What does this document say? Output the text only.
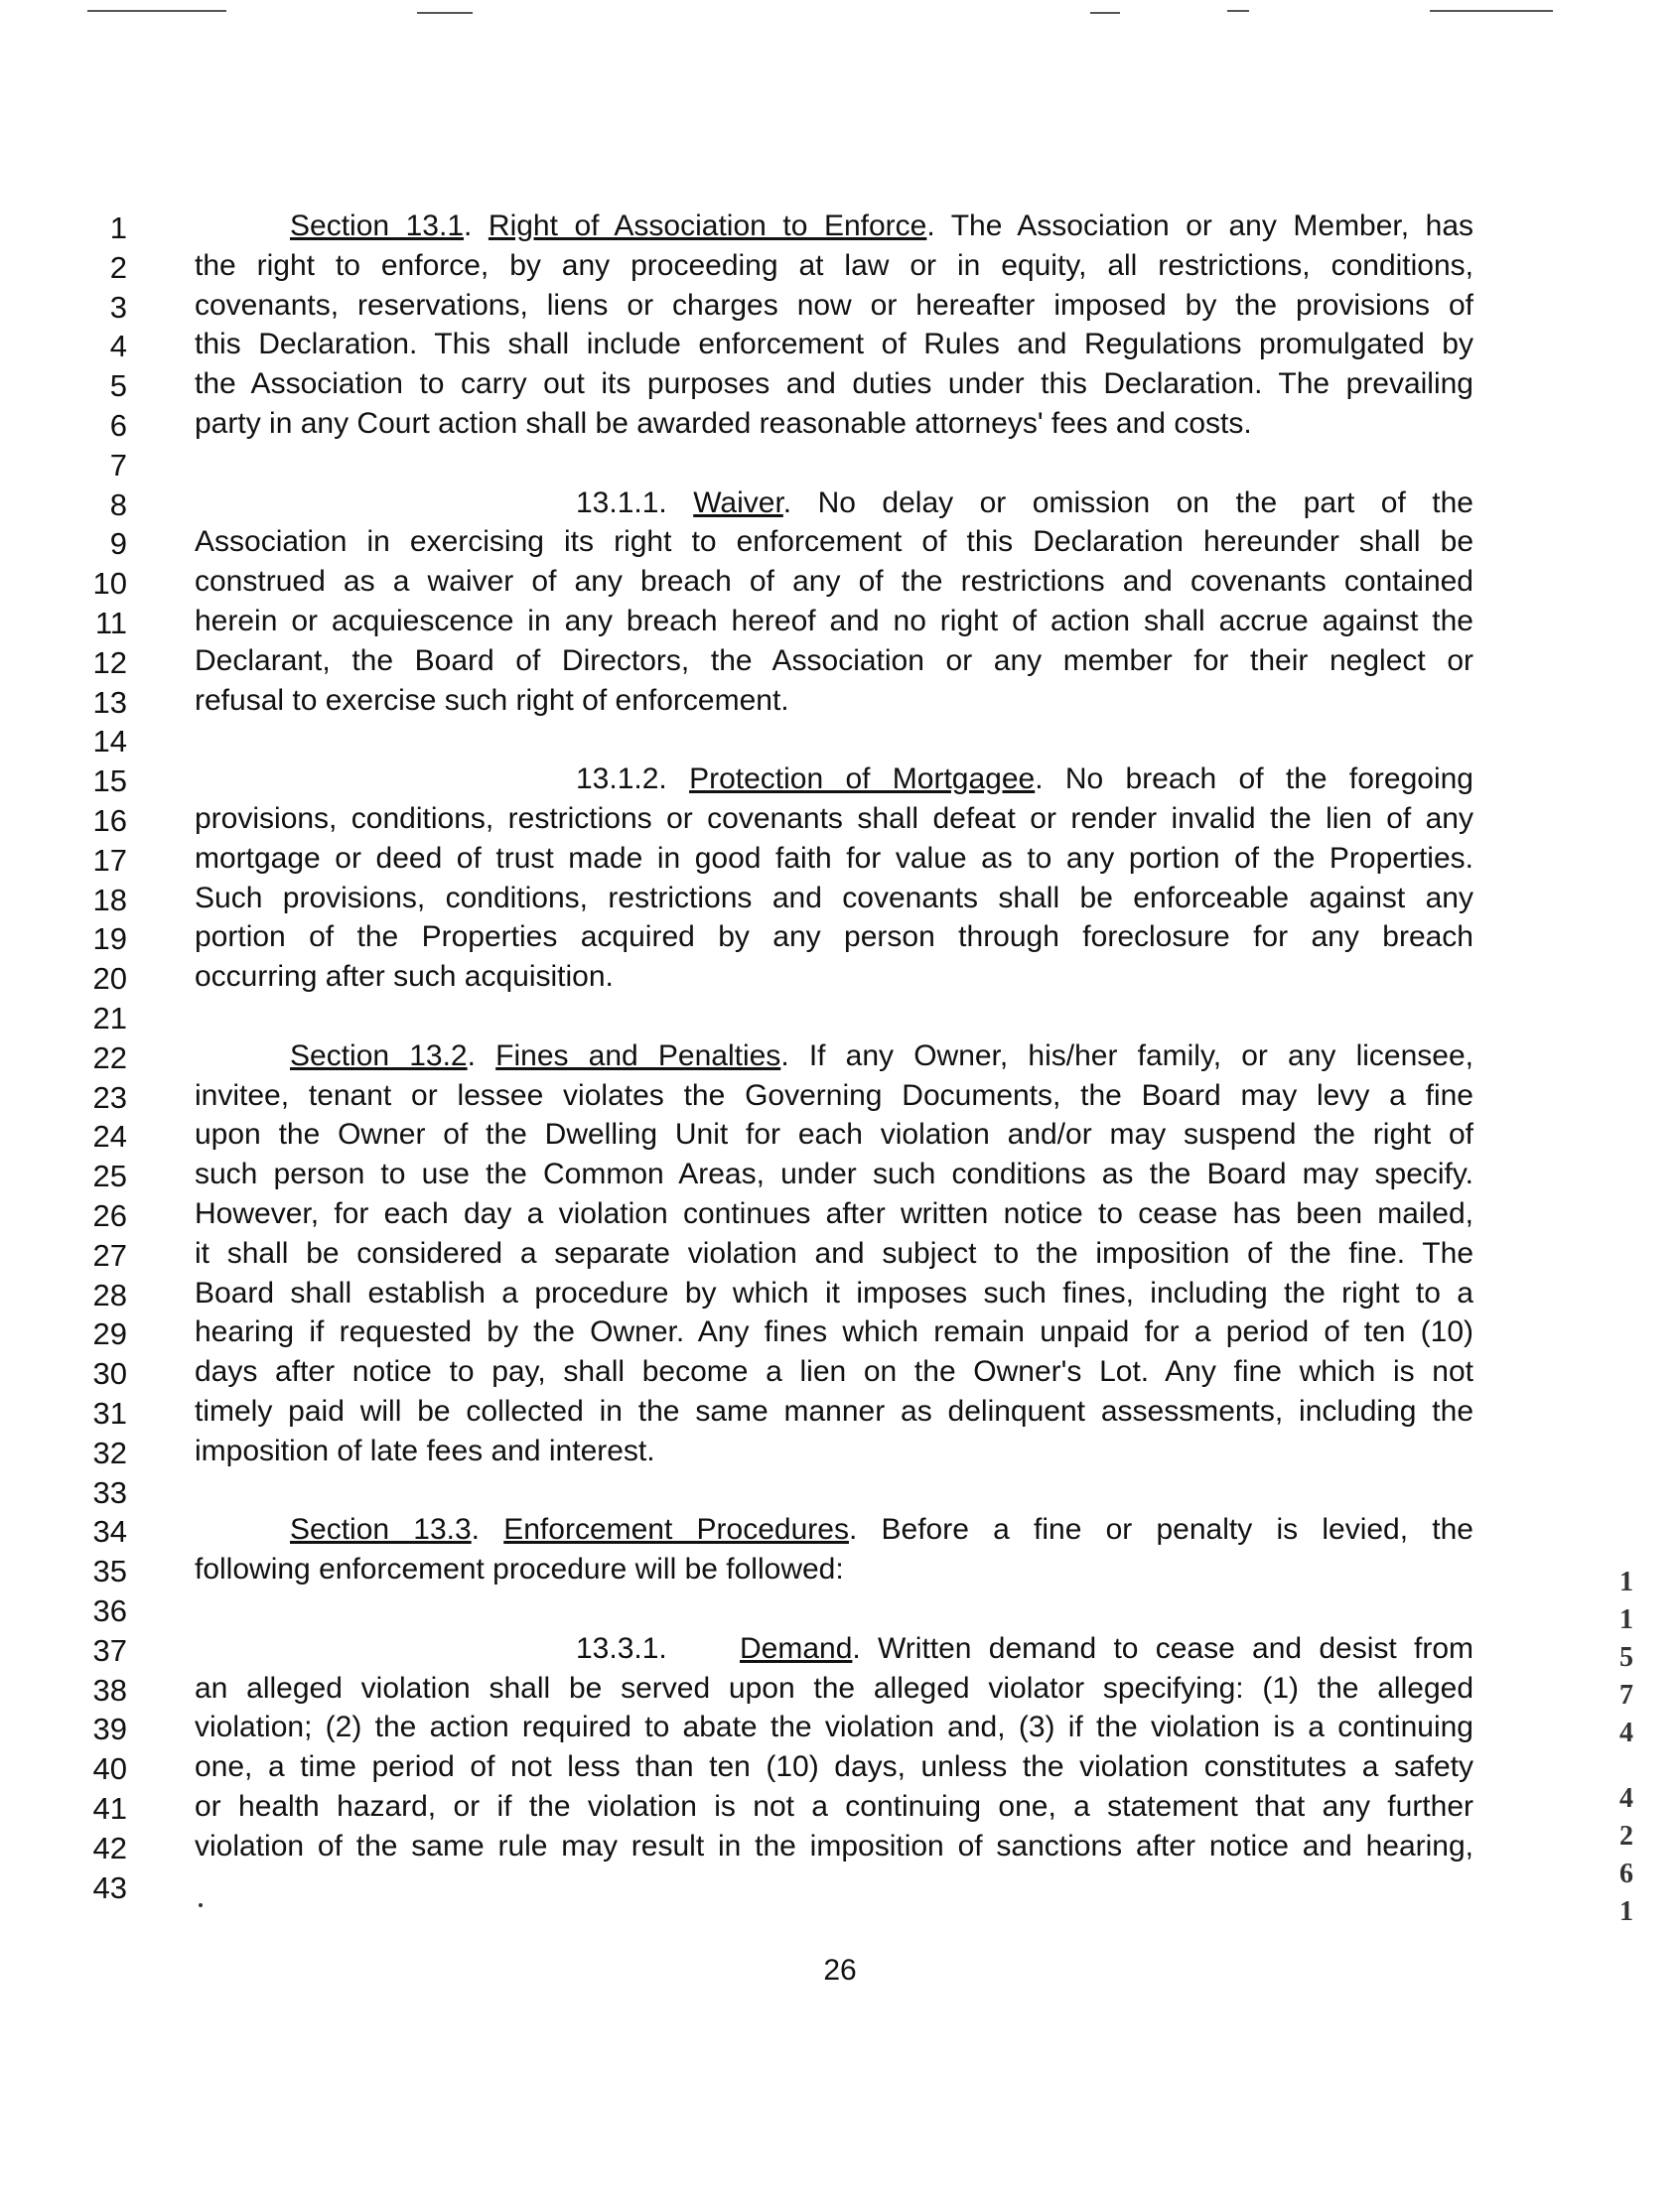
1	Section 13.1. Right of Association to Enforce. The Association or any Member, has
2 the right to enforce, by any proceeding at law or in equity, all restrictions, conditions,
3 covenants, reservations, liens or charges now or hereafter imposed by the provisions of
4 this Declaration. This shall include enforcement of Rules and Regulations promulgated by
5 the Association to carry out its purposes and duties under this Declaration. The prevailing
6 party in any Court action shall be awarded reasonable attorneys' fees and costs.
7
8	13.1.1. Waiver. No delay or omission on the part of the
9 Association in exercising its right to enforcement of this Declaration hereunder shall be
10 construed as a waiver of any breach of any of the restrictions and covenants contained
11 herein or acquiescence in any breach hereof and no right of action shall accrue against the
12 Declarant, the Board of Directors, the Association or any member for their neglect or
13 refusal to exercise such right of enforcement.
14
15	13.1.2. Protection of Mortgagee. No breach of the foregoing
16 provisions, conditions, restrictions or covenants shall defeat or render invalid the lien of any
17 mortgage or deed of trust made in good faith for value as to any portion of the Properties.
18 Such provisions, conditions, restrictions and covenants shall be enforceable against any
19 portion of the Properties acquired by any person through foreclosure for any breach
20 occurring after such acquisition.
21
22	Section 13.2. Fines and Penalties. If any Owner, his/her family, or any licensee,
23 invitee, tenant or lessee violates the Governing Documents, the Board may levy a fine
24 upon the Owner of the Dwelling Unit for each violation and/or may suspend the right of
25 such person to use the Common Areas, under such conditions as the Board may specify.
26 However, for each day a violation continues after written notice to cease has been mailed,
27 it shall be considered a separate violation and subject to the imposition of the fine. The
28 Board shall establish a procedure by which it imposes such fines, including the right to a
29 hearing if requested by the Owner. Any fines which remain unpaid for a period of ten (10)
30 days after notice to pay, shall become a lien on the Owner's Lot. Any fine which is not
31 timely paid will be collected in the same manner as delinquent assessments, including the
32 imposition of late fees and interest.
33
34	Section 13.3. Enforcement Procedures. Before a fine or penalty is levied, the
35 following enforcement procedure will be followed:
36
37	13.3.1. Demand. Written demand to cease and desist from
38 an alleged violation shall be served upon the alleged violator specifying: (1) the alleged
39 violation; (2) the action required to abate the violation and, (3) if the violation is a continuing
40 one, a time period of not less than ten (10) days, unless the violation constitutes a safety
41 or health hazard, or if the violation is not a continuing one, a statement that any further
42 violation of the same rule may result in the imposition of sanctions after notice and hearing,
43
26
1
1
5
7
4
4
2
6
1
